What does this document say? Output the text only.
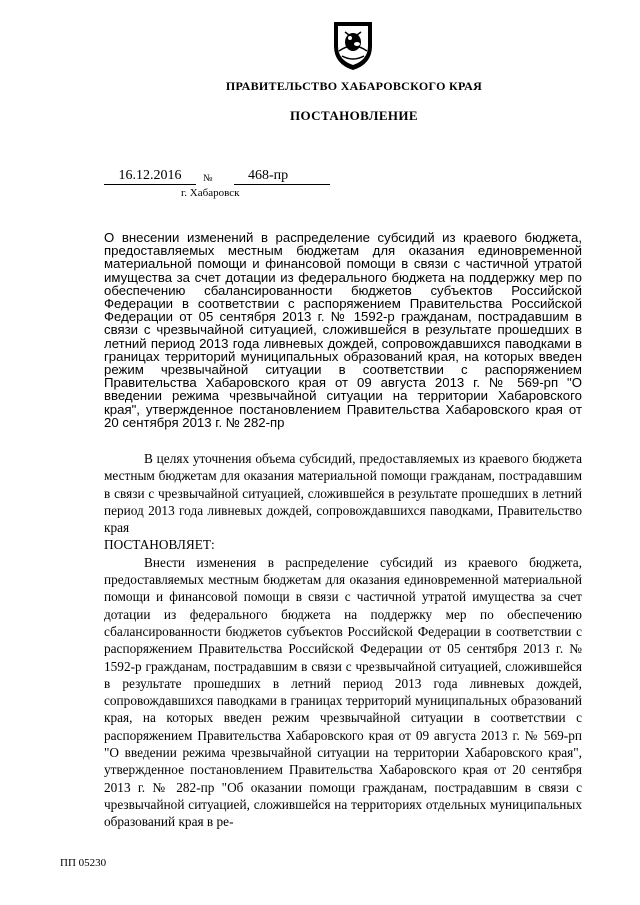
ПРАВИТЕЛЬСТВО ХАБАРОВСКОГО КРАЯ
ПОСТАНОВЛЕНИЕ
16.12.2016	№	468-пр
г. Хабаровск

О внесении изменений в распределение субсидий из краевого бюджета, предоставляемых местным бюджетам для оказания единовременной материальной помощи и финансовой помощи в связи с частичной утратой имущества за счет дотации из федерального бюджета на поддержку мер по обеспечению сбалансированности бюджетов субъектов Российской Федерации в соответствии с распоряжением Правительства Российской Федерации от 05 сентября 2013 г. № 1592-р гражданам, пострадавшим в связи с чрезвычайной ситуацией, сложившейся в результате прошедших в летний период 2013 года ливневых дождей, сопровождавшихся паводками в границах территорий муниципальных образований края, на которых введен режим чрезвычайной ситуации в соответствии с распоряжением Правительства Хабаровского края от 09 августа 2013 г. № 569-рп "О введении режима чрезвычайной ситуации на территории Хабаровского края", утвержденное постановлением Правительства Хабаровского края от 20 сентября 2013 г. № 282-пр

В целях уточнения объема субсидий, предоставляемых из краевого бюджета местным бюджетам для оказания материальной помощи гражданам, пострадавшим в связи с чрезвычайной ситуацией, сложившейся в результате прошедших в летний период 2013 года ливневых дождей, сопровождавшихся паводками, Правительство края

ПОСТАНОВЛЯЕТ:

Внести изменения в распределение субсидий из краевого бюджета, предоставляемых местным бюджетам для оказания единовременной материальной помощи и финансовой помощи в связи с частичной утратой имущества за счет дотации из федерального бюджета на поддержку мер по обеспечению сбалансированности бюджетов субъектов Российской Федерации в соответствии с распоряжением Правительства Российской Федерации от 05 сентября 2013 г. № 1592-р гражданам, пострадавшим в связи с чрезвычайной ситуацией, сложившейся в результате прошедших в летний период 2013 года ливневых дождей, сопровождавшихся паводками в границах территорий муниципальных образований края, на которых введен режим чрезвычайной ситуации в соответствии с распоряжением Правительства Хабаровского края от 09 августа 2013 г. № 569-рп "О введении режима чрезвычайной ситуации на территории Хабаровского края", утвержденное постановлением Правительства Хабаровского края от 20 сентября 2013 г. № 282-пр "Об оказании помощи гражданам, пострадавшим в связи с чрезвычайной ситуацией, сложившейся на территориях отдельных муниципальных образований края в ре-

ПП 05230
